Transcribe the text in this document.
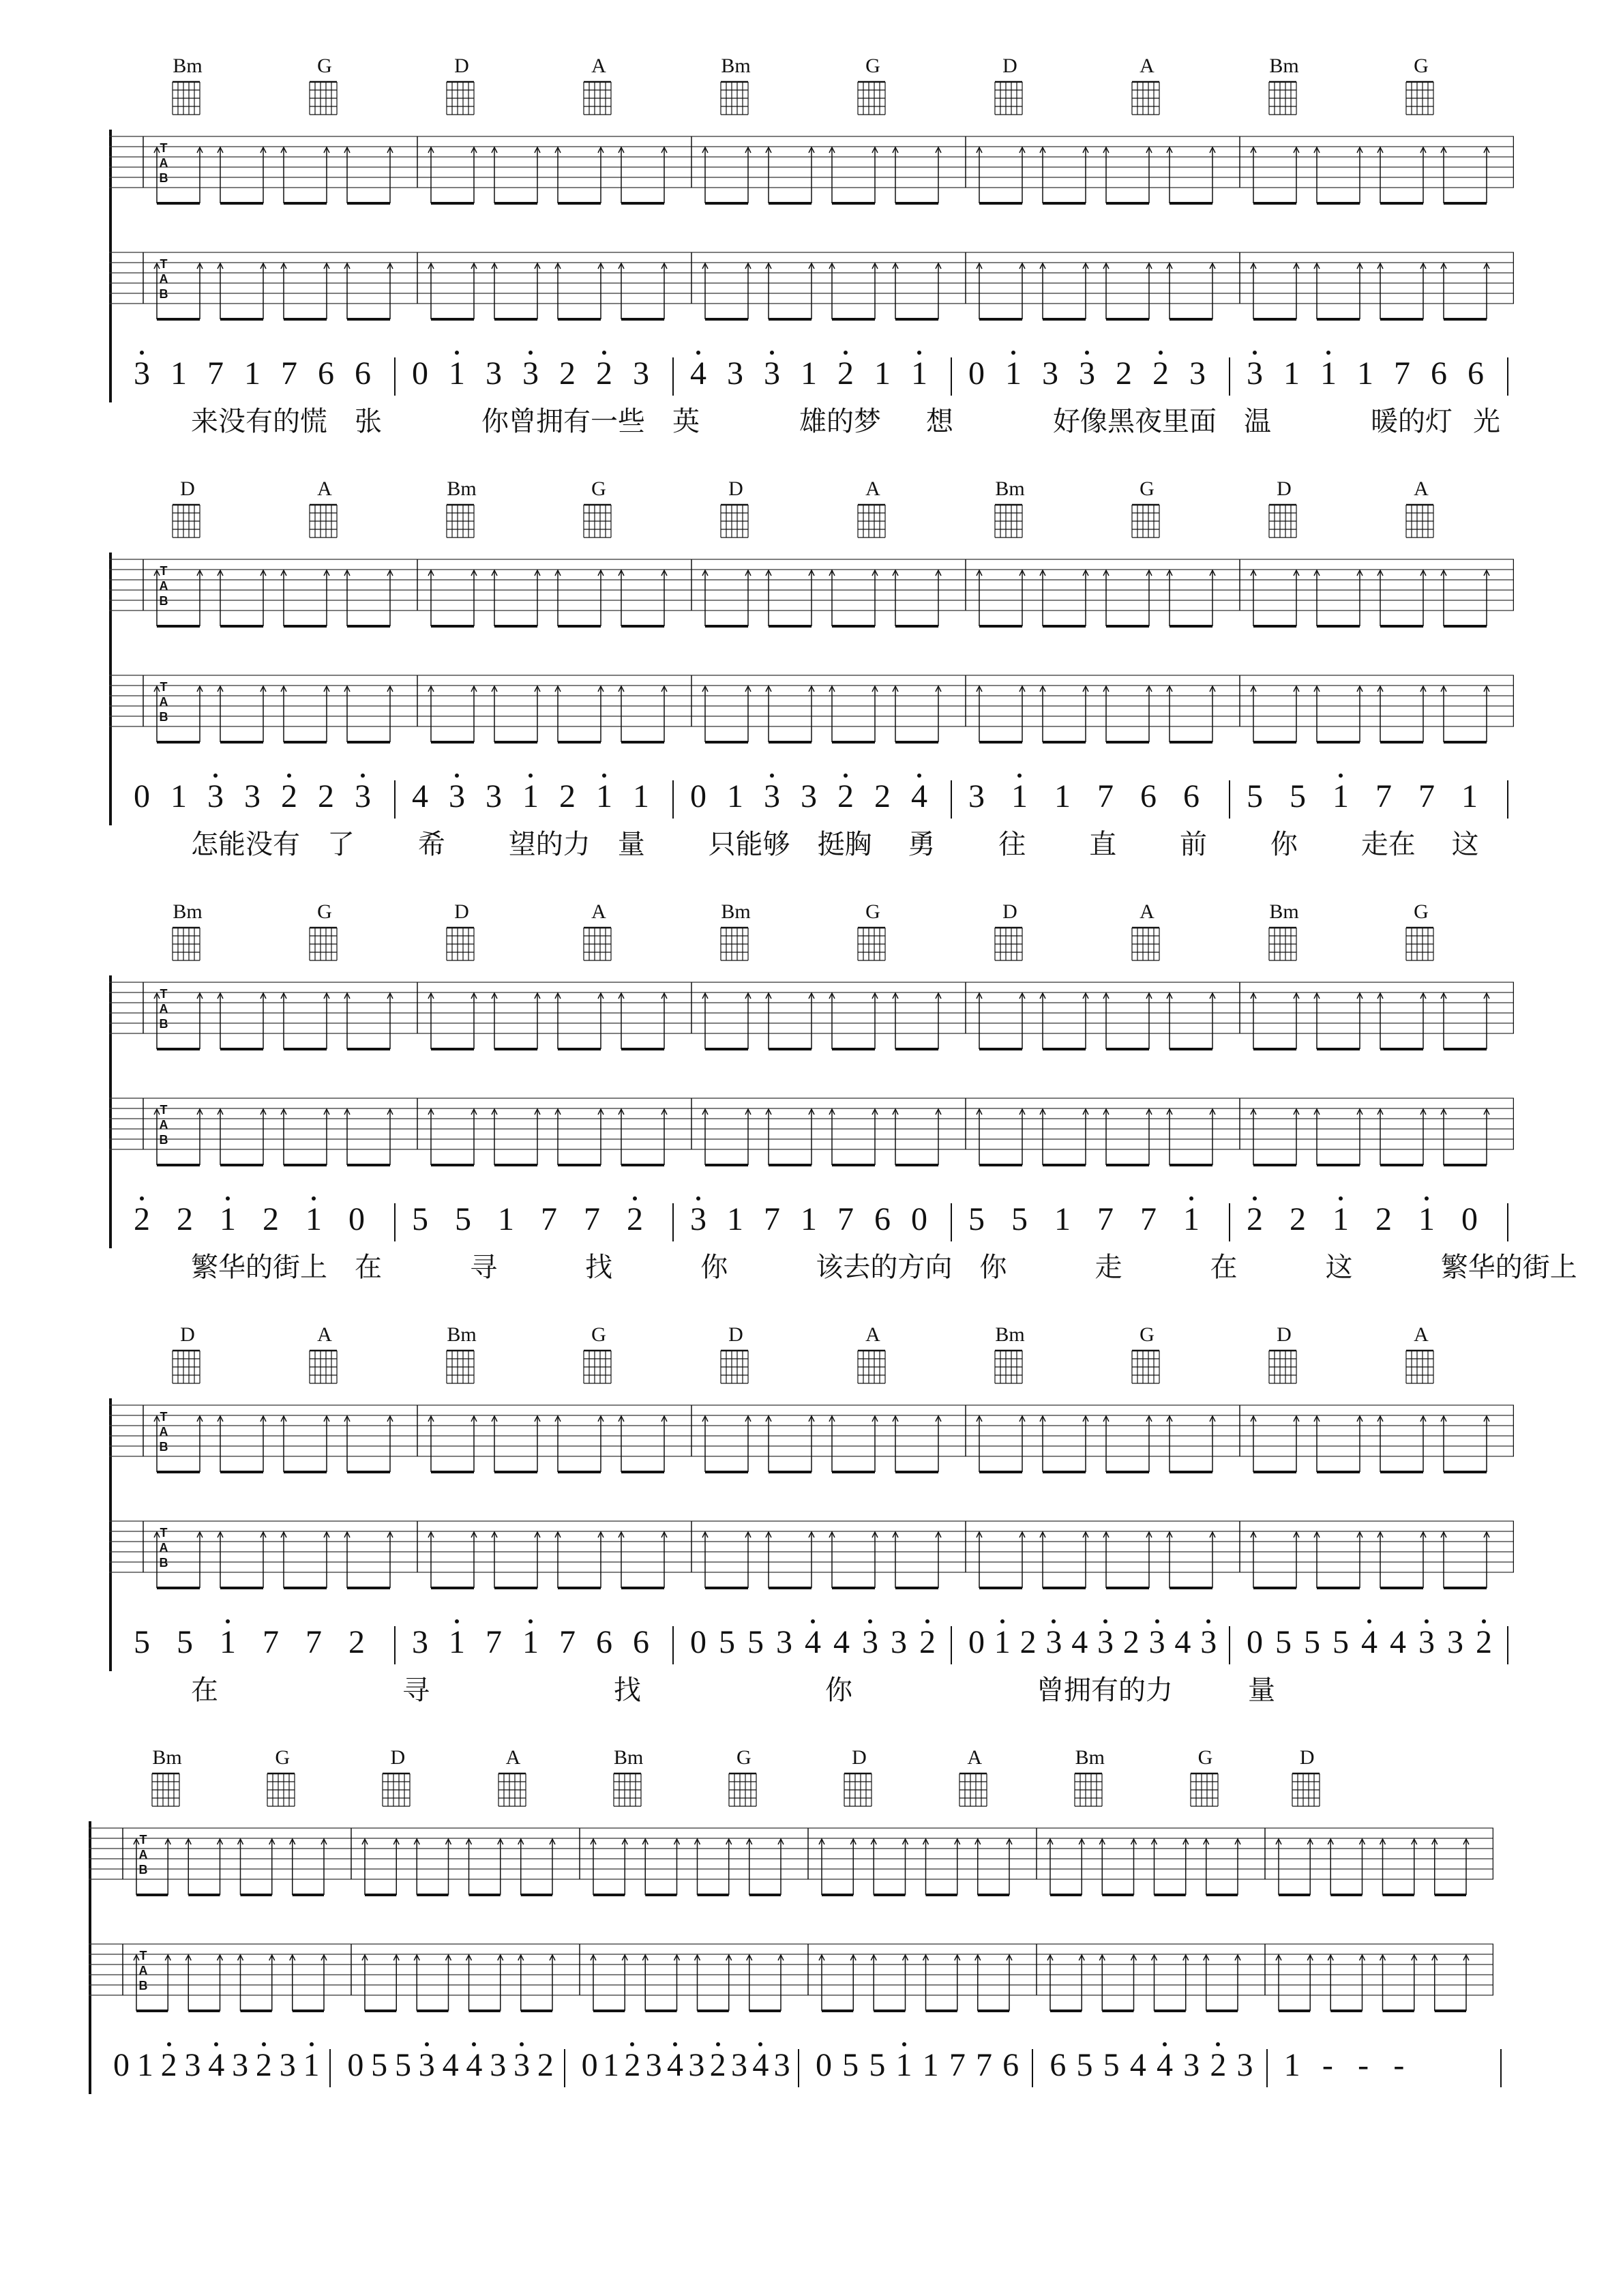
Bm	G	D	A	Bm	G	D	A	Bm	G
T
A
B
T
A
B
3 1 7 1 7 6 6 0 1 3 3 2 2 3 4 3 3 1 2 1 1 0 1 3 3 2 2 3 3 1 1 1 7 6 6
来没有的慌 张	你曾拥有一些 英	雄的梦 想	好像黑夜里面 温	暖的灯 光
D	A	Bm	G	D	A	Bm	G	D	A
T
A
B
T
A
B
0 1 3 3 2 2 3 4 3 3 1 2 1 1 0 1 3 3 2 2 4 3 1 1 7 6 6 5 5 1 7 7 1
怎能没有 了 希 望的力 量 只能够 挺胸 勇 往 直 前 你 走在 这
Bm	G	D	A	Bm	G	D	A	Bm	G
T
A
B
T
A
B
2 2 1 2 1 0 5 5 1 7 7 2 3 1 7 1 7 6 0 5 5 1 7 7 1 2 2 1 2 1 0
繁华的街上 在	寻	找	你	该去的方向 你	走	在	这	繁华的街上
D	A	Bm	G	D	A	Bm	G	D	A
T
A
B
T
A
B
5 5 1 7 7 2 3 1 7 1 7 6 6 0 5 5 3 4 4 3 3 2 0 1 2 3 4 3 2 3 4 3 0 5 5 5 4 4 3 3 2
在	寻	找	你	曾拥有的力	量
Bm	G	D	A	Bm	G	D	A	Bm	G	D
T
A
B
T
A
B
0 1 2 3 4 3 2 3 1 0 5 5 3 4 4 3 3 2 0 1 2 3 4 3 2 3 4 3 0 5 5 1 1 7 7 6 6 5 5 4 4 3 2 3 1 - - -
